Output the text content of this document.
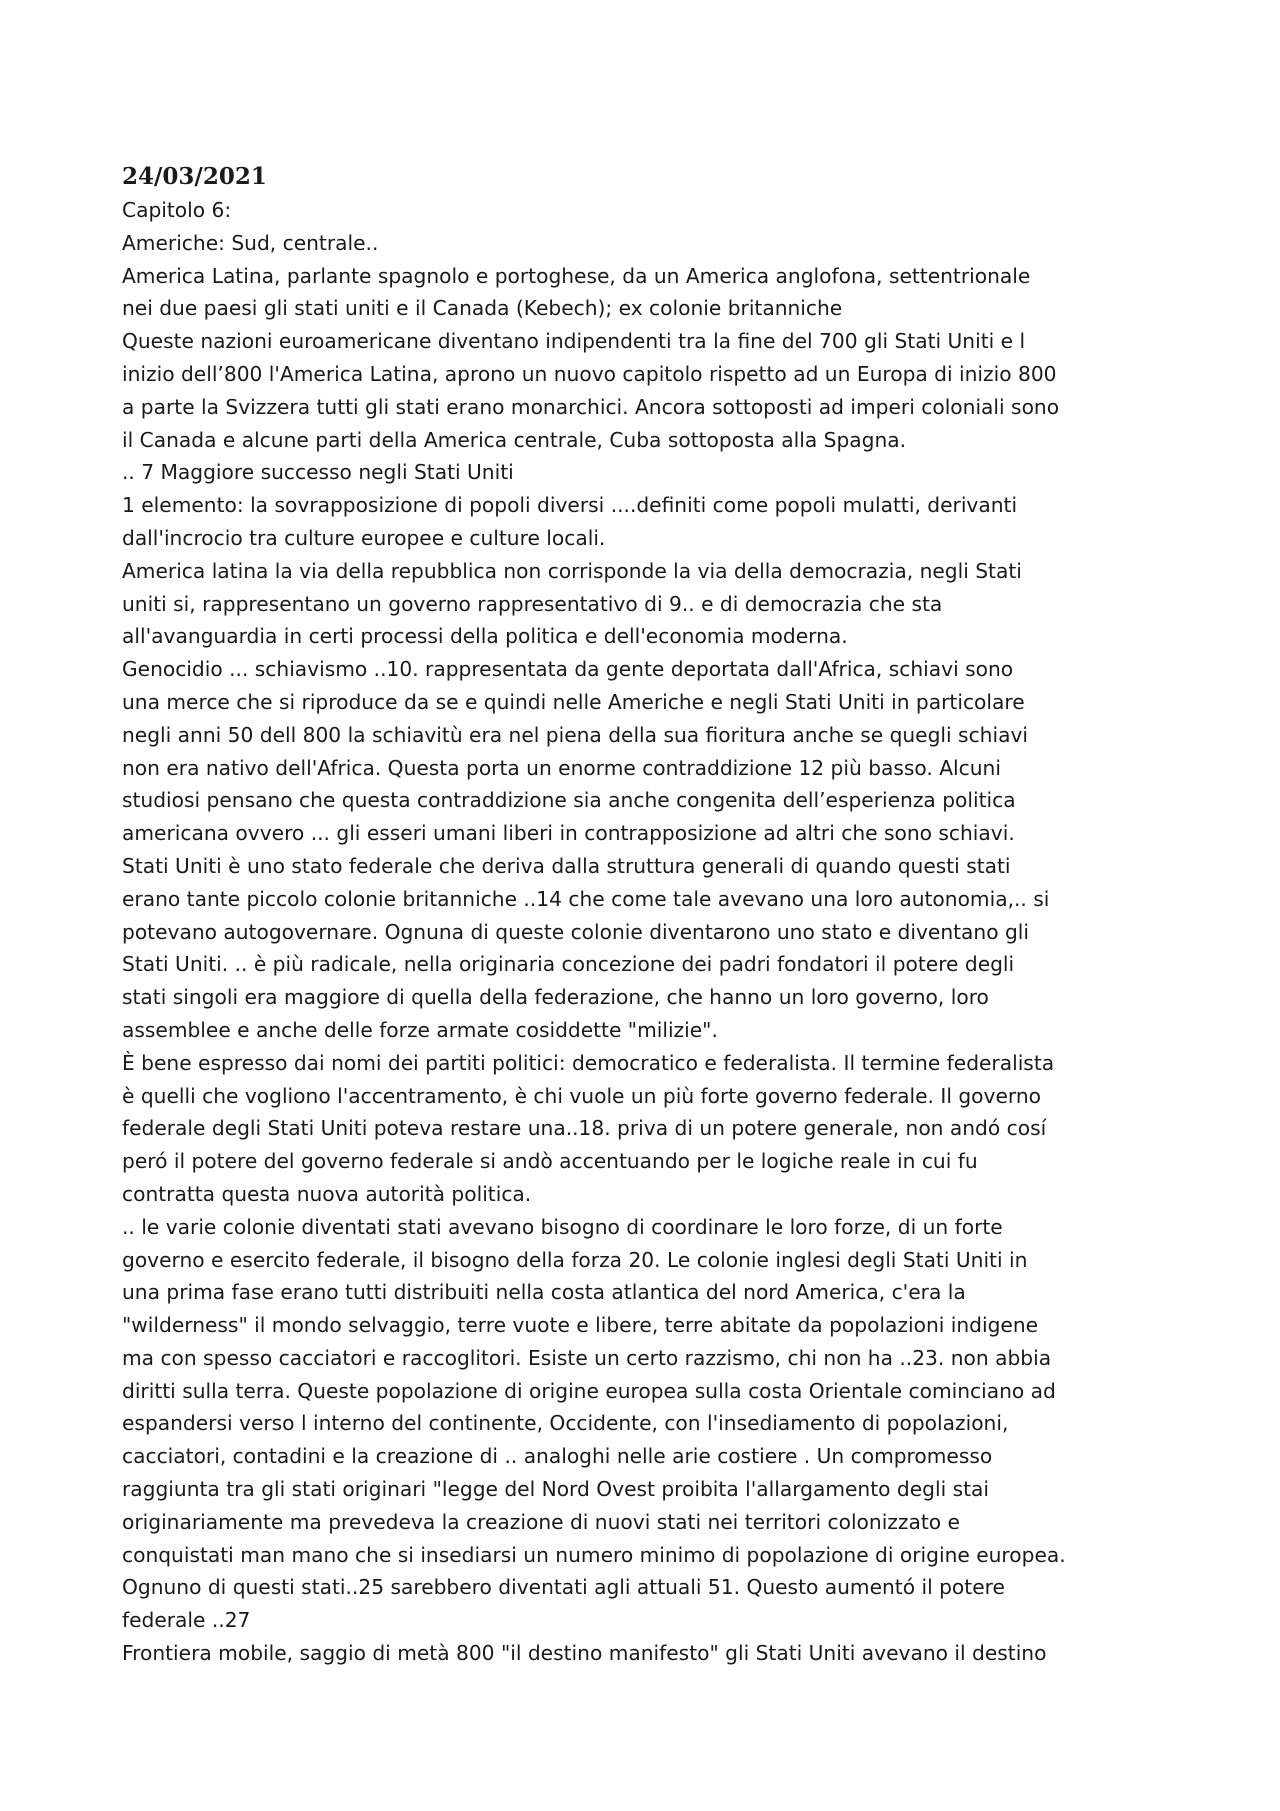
24/03/2021

Capitolo 6:

Americhe: Sud, centrale..

America Latina, parlante spagnolo e portoghese, da un America anglofona, settentrionale

nei due paesi gli stati uniti e il Canada (Kebech); ex colonie britanniche

Queste nazioni euroamericane diventano indipendenti tra la fine del 700 gli Stati Uniti e l

inizio dell’800 l'America Latina, aprono un nuovo capitolo rispetto ad un Europa di inizio 800

a parte la Svizzera tutti gli stati erano monarchici. Ancora sottoposti ad imperi coloniali sono

il Canada e alcune parti della America centrale, Cuba sottoposta alla Spagna.

.. 7 Maggiore successo negli Stati Uniti

1 elemento: la sovrapposizione di popoli diversi ....definiti come popoli mulatti, derivanti

dall'incrocio tra culture europee e culture locali.

America latina la via della repubblica non corrisponde la via della democrazia, negli Stati

uniti si, rappresentano un governo rappresentativo di 9.. e di democrazia che sta

all'avanguardia in certi processi della politica e dell'economia moderna.

Genocidio ... schiavismo ..10. rappresentata da gente deportata dall'Africa, schiavi sono

una merce che si riproduce da se e quindi nelle Americhe e negli Stati Uniti in particolare

negli anni 50 dell 800 la schiavitù era nel piena della sua fioritura anche se quegli schiavi

non era nativo dell'Africa. Questa porta un enorme contraddizione 12 più basso. Alcuni

studiosi pensano che questa contraddizione sia anche congenita dell’esperienza politica

americana ovvero ... gli esseri umani liberi in contrapposizione ad altri che sono schiavi.

Stati Uniti è uno stato federale che deriva dalla struttura generali di quando questi stati

erano tante piccolo colonie britanniche ..14 che come tale avevano una loro autonomia,.. si

potevano autogovernare. Ognuna di queste colonie diventarono uno stato e diventano gli

Stati Uniti. .. è più radicale, nella originaria concezione dei padri fondatori il potere degli

stati singoli era maggiore di quella della federazione, che hanno un loro governo, loro

assemblee e anche delle forze armate cosiddette "milizie".

È bene espresso dai nomi dei partiti politici: democratico e federalista. Il termine federalista

è quelli che vogliono l'accentramento, è chi vuole un più forte governo federale. Il governo

federale degli Stati Uniti poteva restare una..18. priva di un potere generale, non andó cosí

peró il potere del governo federale si andò accentuando per le logiche reale in cui fu

contratta questa nuova autorità politica.

.. le varie colonie diventati stati avevano bisogno di coordinare le loro forze, di un forte

governo e esercito federale, il bisogno della forza 20. Le colonie inglesi degli Stati Uniti in

una prima fase erano tutti distribuiti nella costa atlantica del nord America, c'era la

"wilderness" il mondo selvaggio, terre vuote e libere, terre abitate da popolazioni indigene

ma con spesso cacciatori e raccoglitori. Esiste un certo razzismo, chi non ha ..23. non abbia

diritti sulla terra. Queste popolazione di origine europea sulla costa Orientale cominciano ad

espandersi verso l interno del continente, Occidente, con l'insediamento di popolazioni,

cacciatori, contadini e la creazione di .. analoghi nelle arie costiere . Un compromesso

raggiunta tra gli stati originari "legge del Nord Ovest proibita l'allargamento degli stai

originariamente ma prevedeva la creazione di nuovi stati nei territori colonizzato e

conquistati man mano che si insediarsi un numero minimo di popolazione di origine europea.

Ognuno di questi stati..25 sarebbero diventati agli attuali 51. Questo aumentó il potere

federale ..27

Frontiera mobile, saggio di metà 800 "il destino manifesto" gli Stati Uniti avevano il destino
